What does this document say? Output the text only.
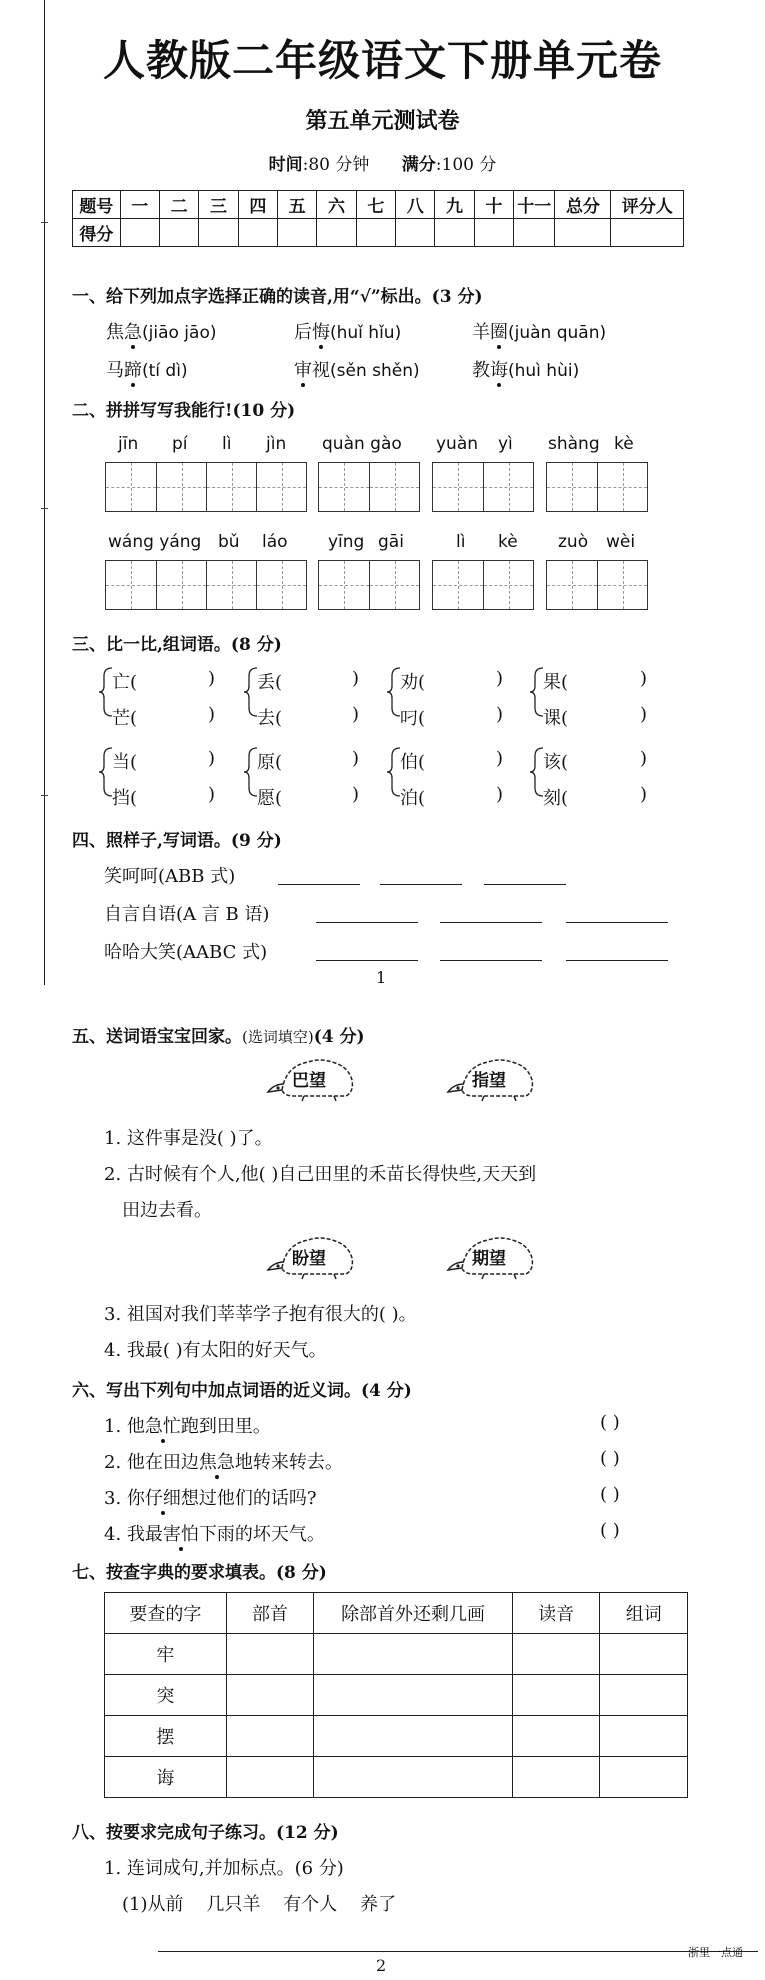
人教版二年级语文下册单元卷
第五单元测试卷
时间:80 分钟 满分:100 分
题号	一	二	三	四	五	六	七	八	九	十	十一	总分	评分人
得分													
一、给下列加点字选择正确的读音,用“√”标出。(3 分)
焦急(jiāo jāo)	后悔(huǐ hǐu)	羊圈(juàn quān)
马蹄(tí dì)	审视(sěn shěn)	教诲(huì hùi)
二、拼拼写写我能行!(10 分)
jīn pí lì jìn quàn gào yuàn yì shàng kè
wáng yáng bǔ láo yīng gāi	lì kè zuò wèi
三、比一比,组词语。(8 分)
亡(	)
芒(	)
丢(	)
去(	)
劝(	)
叼(	)
果(	)
课(	)
当(	)
挡(	)
原(	)
愿(	)
伯(	)
泊(	)
该(	)
刻(	)
四、照样子,写词语。(9 分)
笑呵呵(ABB 式)
自言自语(A 言 B 语)
哈哈大笑(AABC 式)
1
五、送词语宝宝回家。(选词填空)(4 分)
巴望	指望
1. 这件事是没( )了。
2. 古时候有个人,他( )自己田里的禾苗长得快些,天天到
田边去看。
盼望	期望
3. 祖国对我们莘莘学子抱有很大的( )。
4. 我最( )有太阳的好天气。
六、写出下列句中加点词语的近义词。(4 分)
1. 他急忙跑到田里。	( )
2. 他在田边焦急地转来转去。	( )
3. 你仔细想过他们的话吗?	( )
4. 我最害怕下雨的坏天气。	( )
七、按查字典的要求填表。(8 分)
要查的字	部首	除部首外还剩几画	读音	组词
牢				
突				
摆				
诲				
八、按要求完成句子练习。(12 分)
1. 连词成句,并加标点。(6 分)
(1)从前    几只羊    有个人    养了
浙里一点通
2
